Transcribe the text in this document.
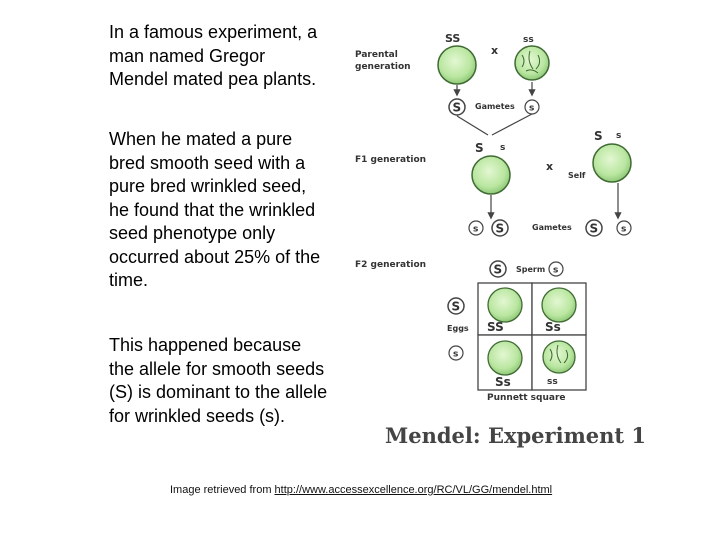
In a famous experiment, a man named Gregor Mendel mated pea plants.

When he mated a pure bred smooth seed with a pure bred wrinkled seed, he found that the wrinkled seed phenotype only occurred about 25% of the time.

This happened because the allele for smooth seeds (S) is dominant to the allele for wrinkled seeds (s).

Parental
generation
SS
x
ss
S Gametes s
F1 generation
S s
x
Self
S s
s S	Gametes S	s
F2 generation	S Sperm s
S
Eggs
s
SS	Ss
Ss	ss
Punnett square
Mendel: Experiment 1
Image retrieved from http://www.accessexcellence.org/RC/VL/GG/mendel.html
